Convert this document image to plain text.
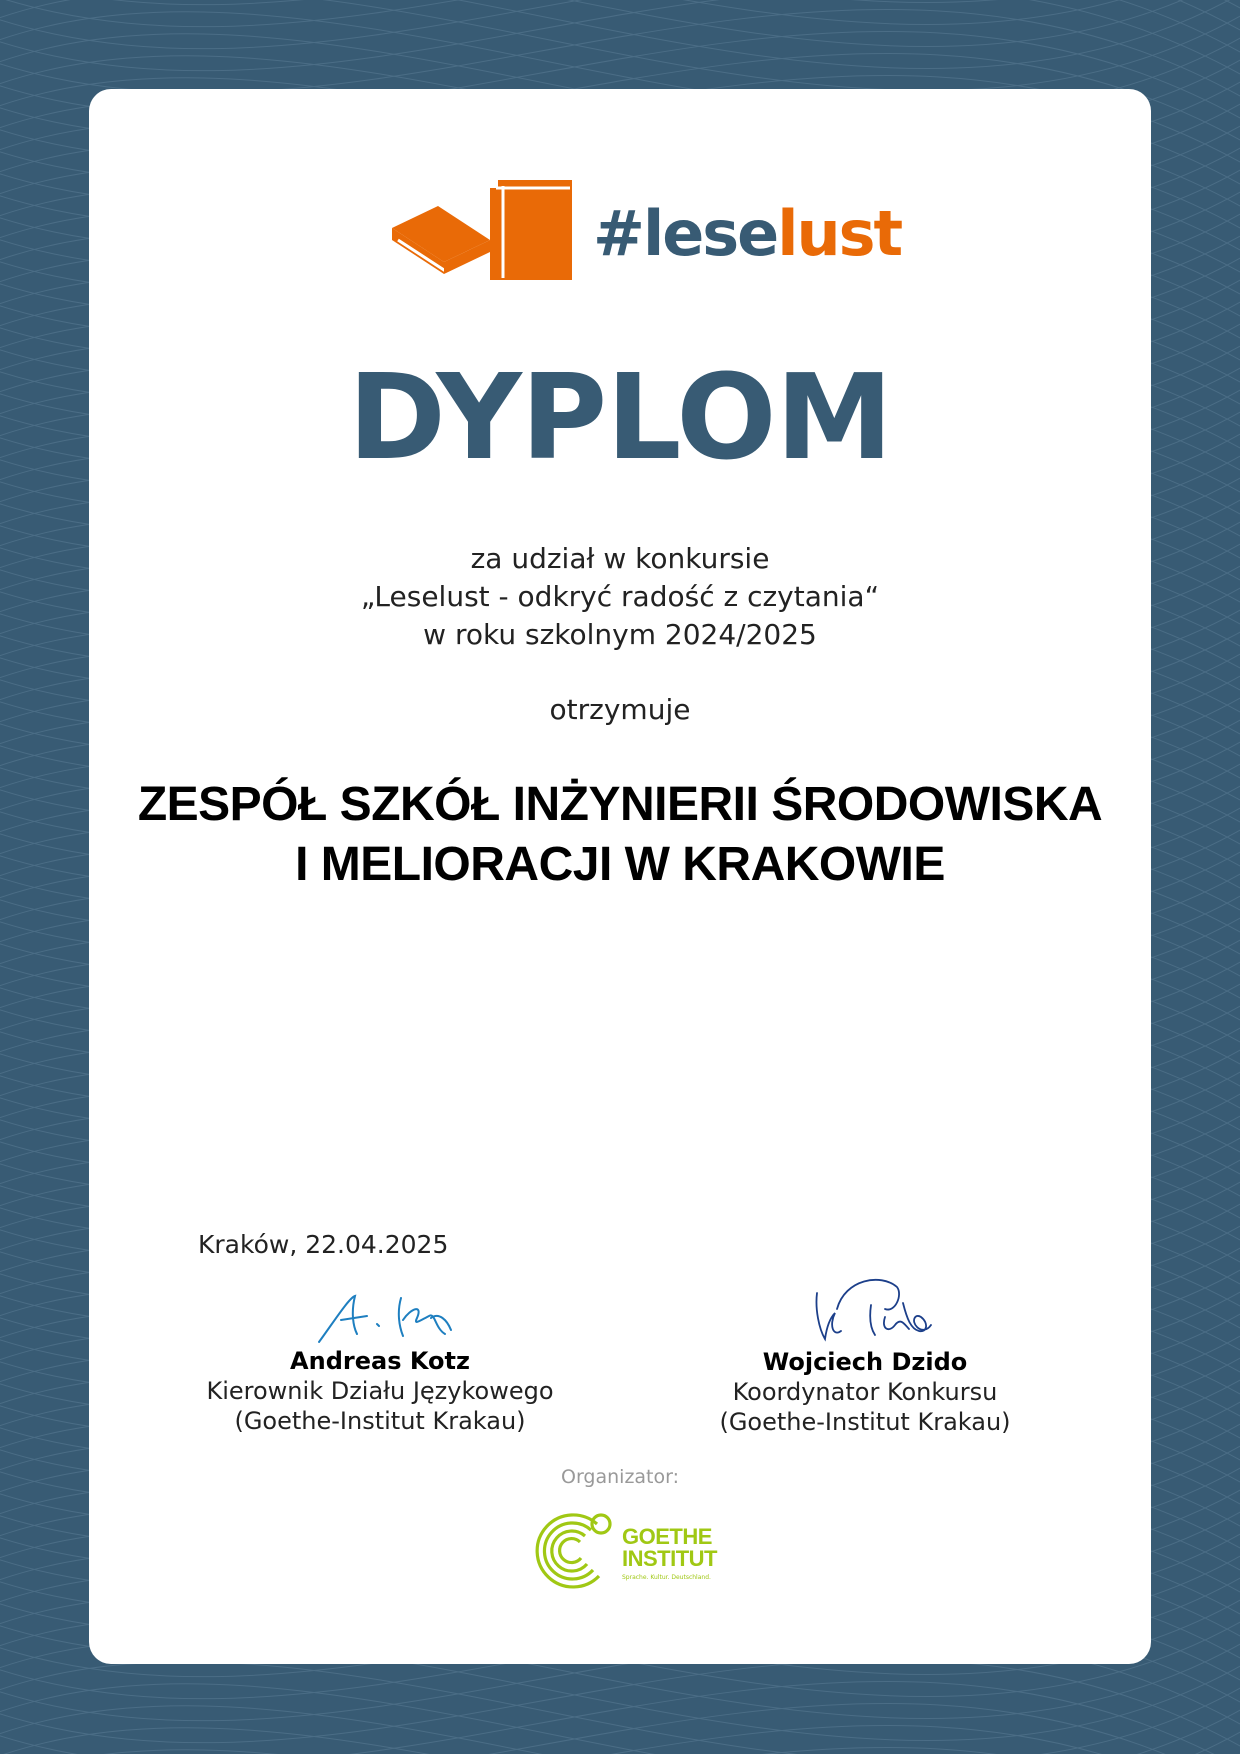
#leselust
DYPLOM
za udział w konkursie
„Leselust - odkryć radość z czytania“
w roku szkolnym 2024/2025
otrzymuje
ZESPÓŁ SZKÓŁ INŻYNIERII ŚRODOWISKA
I MELIORACJI W KRAKOWIE
Kraków, 22.04.2025
Andreas Kotz
Kierownik Działu Językowego
(Goethe-Institut Krakau)
Wojciech Dzido
Koordynator Konkursu
(Goethe-Institut Krakau)
Organizator:
GOETHE
INSTITUT
Sprache. Kultur. Deutschland.
